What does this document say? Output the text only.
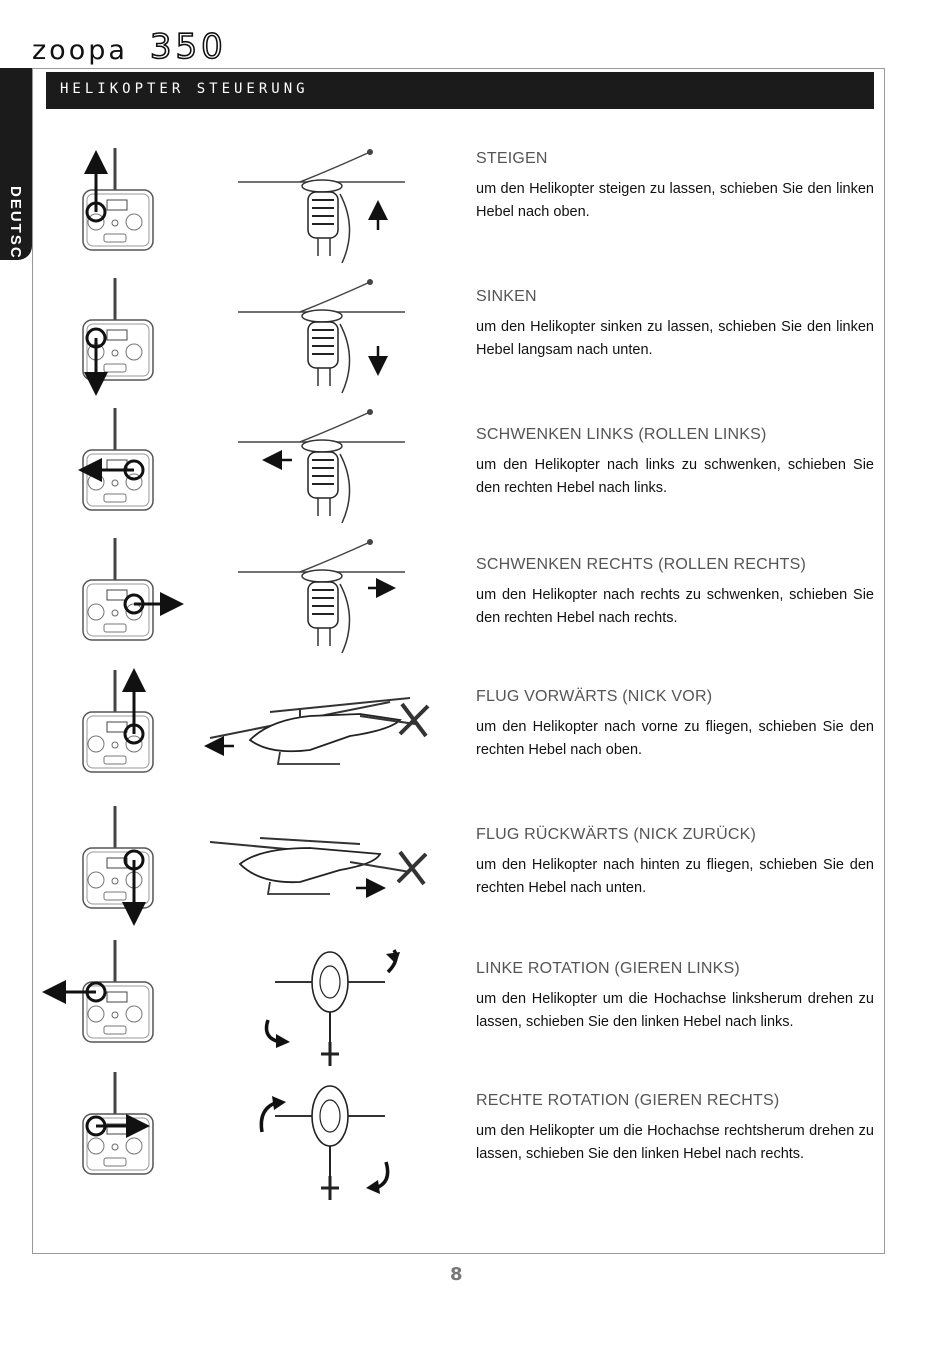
zoopa 350
DEUTSCH
HELIKOPTER STEUERUNG

STEIGEN

um den Helikopter steigen zu lassen, schieben Sie den linken Hebel nach oben.

SINKEN

um den Helikopter sinken zu lassen, schieben Sie den linken Hebel langsam nach unten.

SCHWENKEN LINKS (ROLLEN LINKS)

um den Helikopter nach links zu schwenken, schieben Sie den rechten Hebel nach links.

SCHWENKEN RECHTS (ROLLEN RECHTS)

um den Helikopter nach rechts zu schwenken, schieben Sie den rechten Hebel nach rechts.

FLUG VORWÄRTS (NICK VOR)

um den Helikopter nach vorne zu fliegen, schieben Sie den rechten Hebel nach oben.

FLUG RÜCKWÄRTS (NICK ZURÜCK)

um den Helikopter nach hinten zu fliegen, schieben Sie den rechten Hebel nach unten.

LINKE ROTATION (GIEREN LINKS)

um den Helikopter um die Hochachse linksherum drehen zu lassen, schieben Sie den linken Hebel nach links.

RECHTE ROTATION (GIEREN RECHTS)

um den Helikopter um die Hochachse rechtsherum drehen zu lassen, schieben Sie den linken Hebel nach rechts.

8
